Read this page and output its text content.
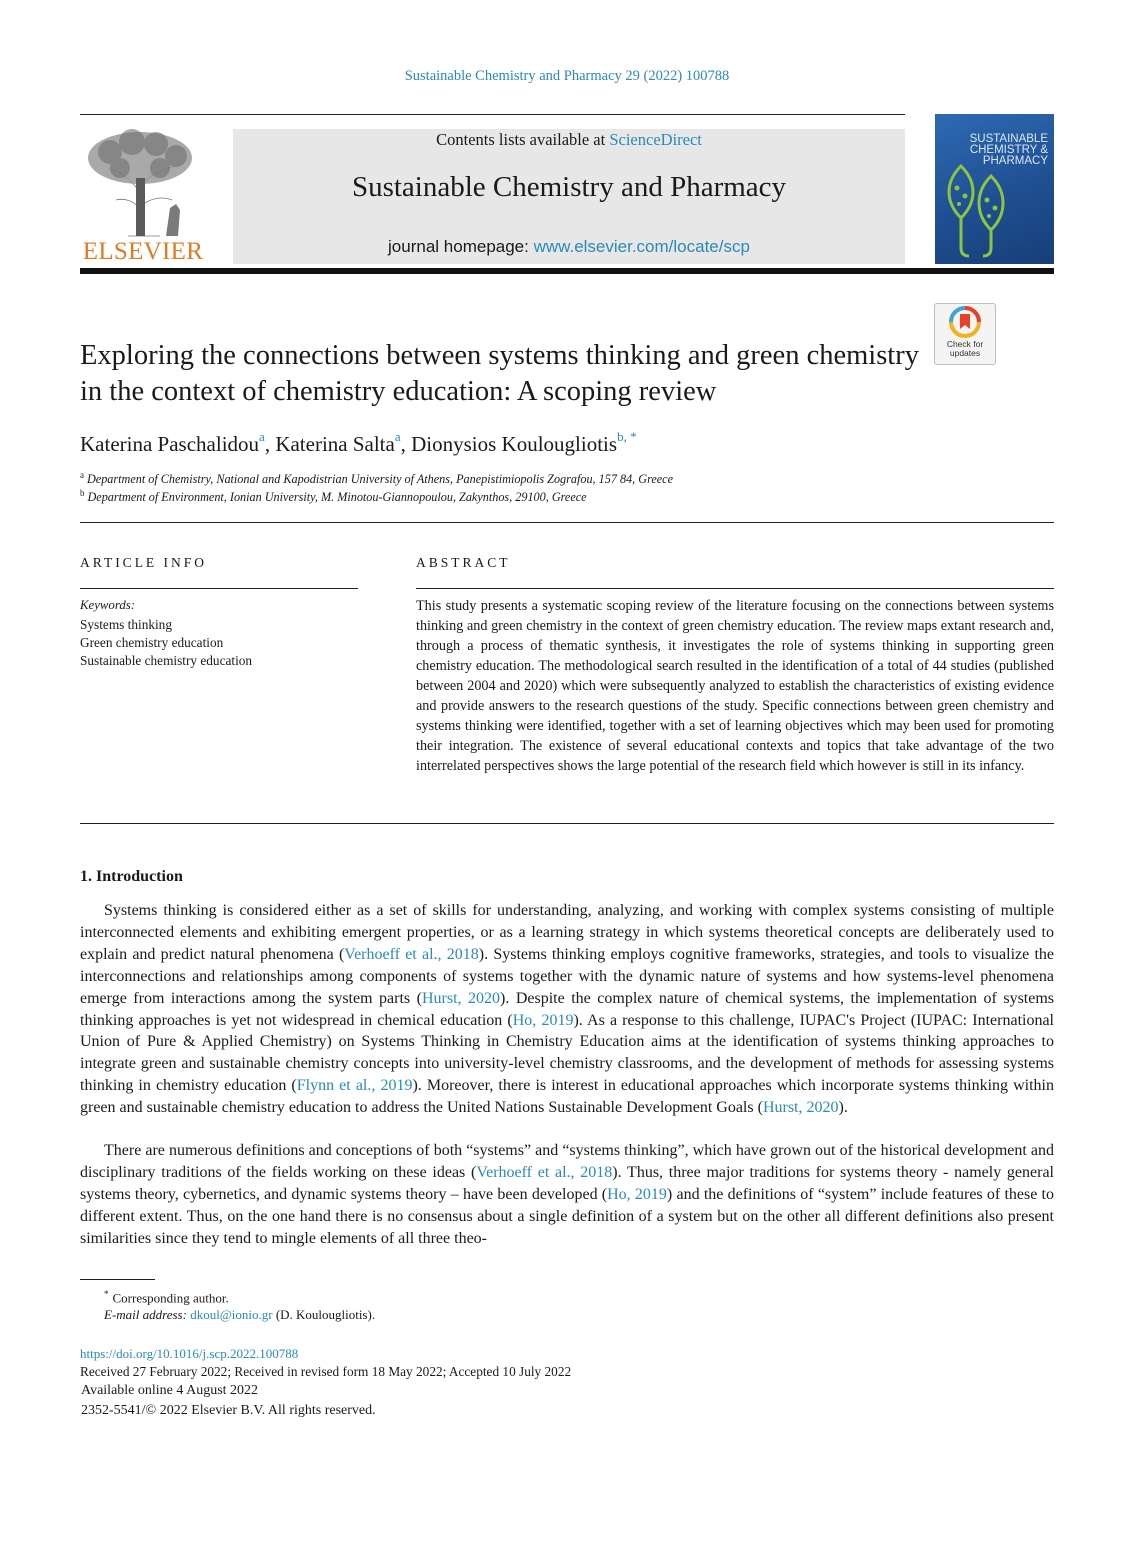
Sustainable Chemistry and Pharmacy 29 (2022) 100788
ELSEVIER
Contents lists available at ScienceDirect
Sustainable Chemistry and Pharmacy
journal homepage: www.elsevier.com/locate/scp
SUSTAINABLE
CHEMISTRY &
PHARMACY
Check for
updates
Exploring the connections between systems thinking and green chemistry in the context of chemistry education: A scoping review
Katerina Paschalidou$^a$, Katerina Salta$^a$, Dionysios Koulougliotis$^{b, *}$
$^a$ Department of Chemistry, National and Kapodistrian University of Athens, Panepistimiopolis Zografou, 157 84, Greece
$^b$ Department of Environment, Ionian University, M. Minotou-Giannopoulou, Zakynthos, 29100, Greece
ARTICLE INFO	ABSTRACT
Keywords:
Systems thinking
Green chemistry education
Sustainable chemistry education
This study presents a systematic scoping review of the literature focusing on the connections between systems thinking and green chemistry in the context of green chemistry education. The review maps extant research and, through a process of thematic synthesis, it investigates the role of systems thinking in supporting green chemistry education. The methodological search resulted in the identification of a total of 44 studies (published between 2004 and 2020) which were subsequently analyzed to establish the characteristics of existing evidence and provide answers to the research questions of the study. Specific connections between green chemistry and systems thinking were identified, together with a set of learning objectives which may been used for promoting their integration. The existence of several educational contexts and topics that take advantage of the two interrelated perspectives shows the large potential of the research field which however is still in its infancy.
1. Introduction
Systems thinking is considered either as a set of skills for understanding, analyzing, and working with complex systems consisting of multiple interconnected elements and exhibiting emergent properties, or as a learning strategy in which systems theoretical concepts are deliberately used to explain and predict natural phenomena (Verhoeff et al., 2018). Systems thinking employs cognitive frameworks, strategies, and tools to visualize the interconnections and relationships among components of systems together with the dynamic nature of systems and how systems-level phenomena emerge from interactions among the system parts (Hurst, 2020). Despite the complex nature of chemical systems, the implementation of systems thinking approaches is yet not widespread in chemical education (Ho, 2019). As a response to this challenge, IUPAC's Project (IUPAC: International Union of Pure & Applied Chemistry) on Systems Thinking in Chemistry Education aims at the identification of systems thinking approaches to integrate green and sustainable chemistry concepts into university-level chemistry classrooms, and the development of methods for assessing systems thinking in chemistry education (Flynn et al., 2019). Moreover, there is interest in educational approaches which incorporate systems thinking within green and sustainable chemistry education to address the United Nations Sustainable Development Goals (Hurst, 2020).
There are numerous definitions and conceptions of both “systems” and “systems thinking”, which have grown out of the historical development and disciplinary traditions of the fields working on these ideas (Verhoeff et al., 2018). Thus, three major traditions for systems theory - namely general systems theory, cybernetics, and dynamic systems theory – have been developed (Ho, 2019) and the definitions of “system” include features of these to different extent. Thus, on the one hand there is no consensus about a single definition of a system but on the other all different definitions also present similarities since they tend to mingle elements of all three theo-
* Corresponding author.
E-mail address: dkoul@ionio.gr (D. Koulougliotis).
https://doi.org/10.1016/j.scp.2022.100788
Received 27 February 2022; Received in revised form 18 May 2022; Accepted 10 July 2022
Available online 4 August 2022
2352-5541/© 2022 Elsevier B.V. All rights reserved.
